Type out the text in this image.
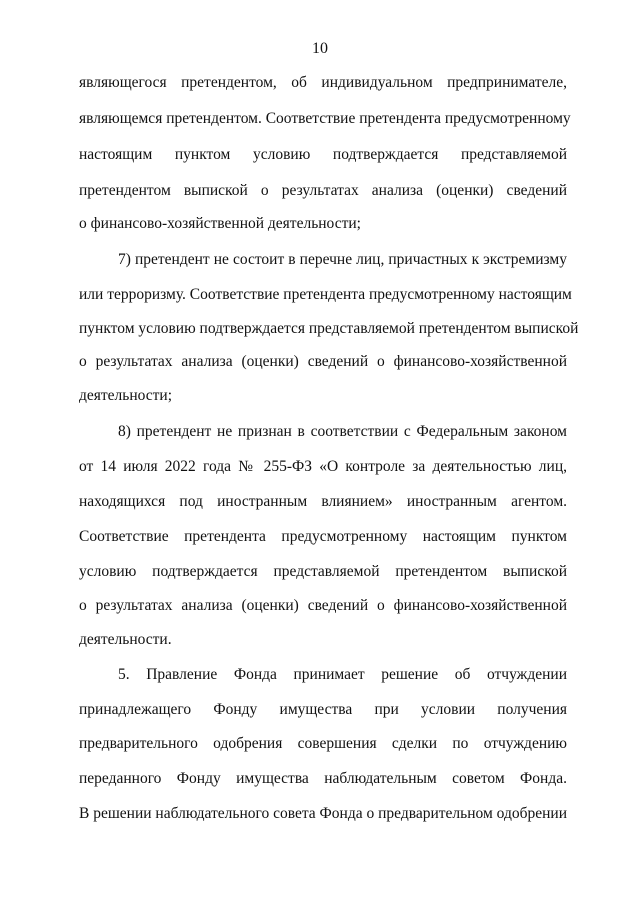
10
являющегося претендентом, об индивидуальном предпринимателе,
являющемся претендентом. Соответствие претендента предусмотренному
настоящим пунктом условию подтверждается представляемой
претендентом выпиской о результатах анализа (оценки) сведений
о финансово-хозяйственной деятельности;
7) претендент не состоит в перечне лиц, причастных к экстремизму
или терроризму. Соответствие претендента предусмотренному настоящим
пунктом условию подтверждается представляемой претендентом выпиской
о результатах анализа (оценки) сведений о финансово-хозяйственной
деятельности;
8) претендент не признан в соответствии с Федеральным законом
от 14 июля 2022 года № 255-ФЗ «О контроле за деятельностью лиц,
находящихся под иностранным влиянием» иностранным агентом.
Соответствие претендента предусмотренному настоящим пунктом
условию подтверждается представляемой претендентом выпиской
о результатах анализа (оценки) сведений о финансово-хозяйственной
деятельности.
5. Правление Фонда принимает решение об отчуждении
принадлежащего Фонду имущества при условии получения
предварительного одобрения совершения сделки по отчуждению
переданного Фонду имущества наблюдательным советом Фонда.
В решении наблюдательного совета Фонда о предварительном одобрении
